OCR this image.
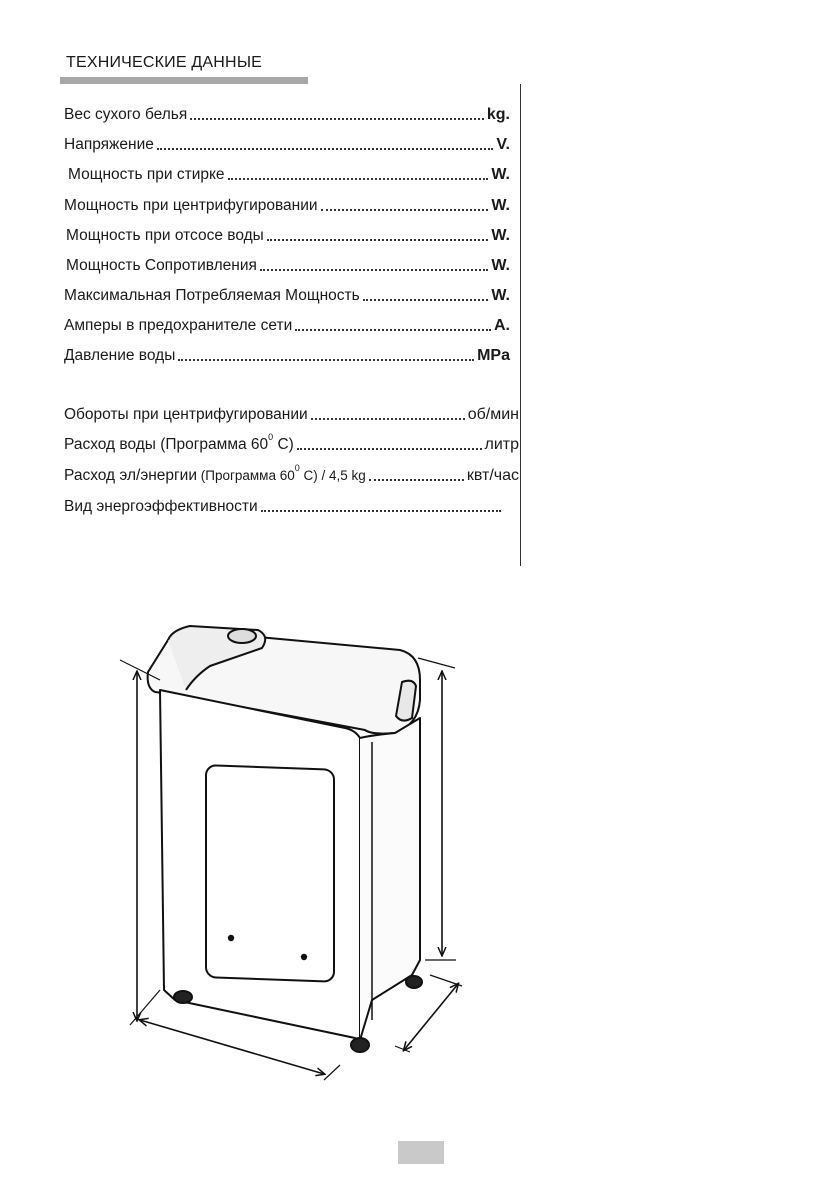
ТЕХНИЧЕСКИЕ ДАННЫЕ
Вес сухого белья	kg.
Напряжение	V.
Мощность при стирке	W.
Мощность при центрифугировании	W.
Мощность при отсосе воды	W.
Мощность Сопротивления	W.
Максимальная Потребляемая Мощность	W.
Амперы в предохранителе сети	A.
Давление воды	MPa
Обороты при центрифугировании	об/мин
Расход воды (Программа $60^0$ C)	литр
Расход эл/энергии (Программа $60^0$ C) / 4,5 kg	квт/час
Вид энергоэффективности
